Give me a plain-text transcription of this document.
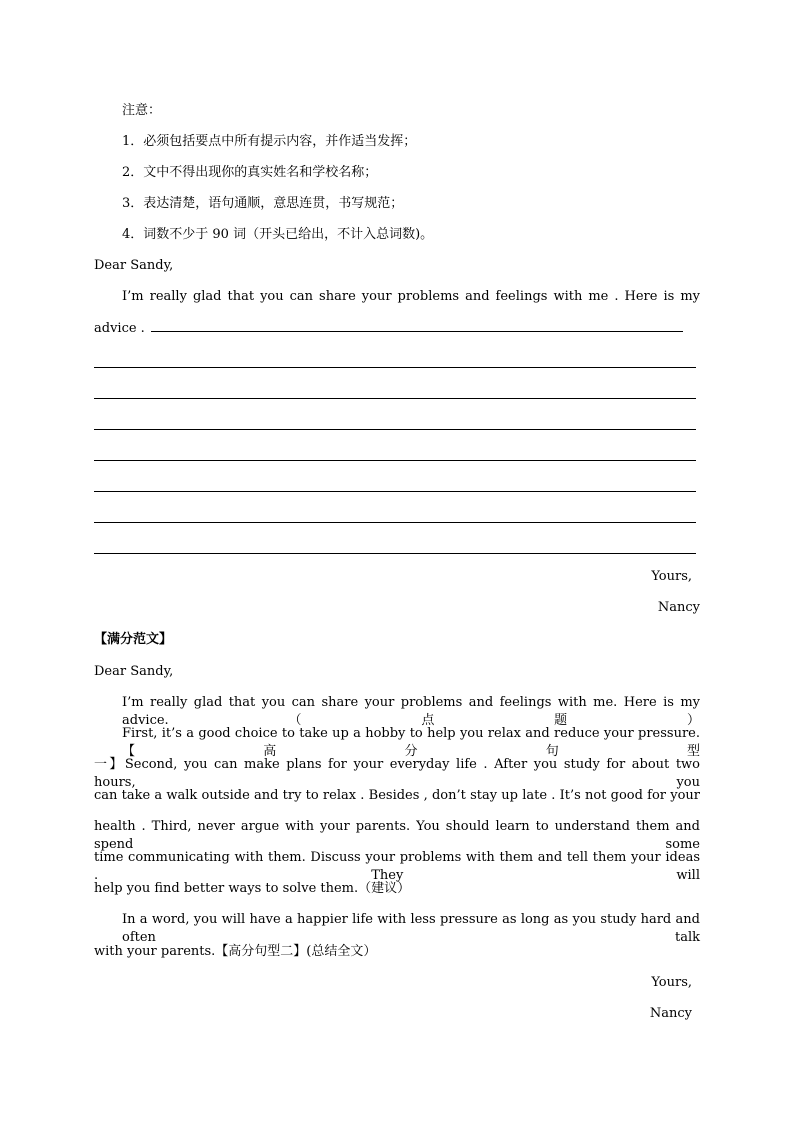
注意：
1．必须包括要点中所有提示内容，并作适当发挥；
2．文中不得出现你的真实姓名和学校名称；
3．表达清楚，语句通顺，意思连贯，书写规范；
4．词数不少于 90 词（开头已给出，不计入总词数)。
Dear Sandy,
I’m really glad that you can share your problems and feelings with me . Here is my
advice .
Yours,
Nancy
【满分范文】
Dear Sandy,
I’m really glad that you can share your problems and feelings with me. Here is my advice.（点题）
First, it’s a good choice to take up a hobby to help you relax and reduce your pressure.【高分句型
一】Second, you can make plans for your everyday life . After you study for about two hours, you
can take a walk outside and try to relax . Besides , don’t stay up late . It’s not good for your
health . Third, never argue with your parents. You should learn to understand them and spend some
time communicating with them. Discuss your problems with them and tell them your ideas . They will
help you find better ways to solve them.（建议）
In a word, you will have a happier life with less pressure as long as you study hard and often talk
with your parents.【高分句型二】(总结全文）
Yours,
Nancy
